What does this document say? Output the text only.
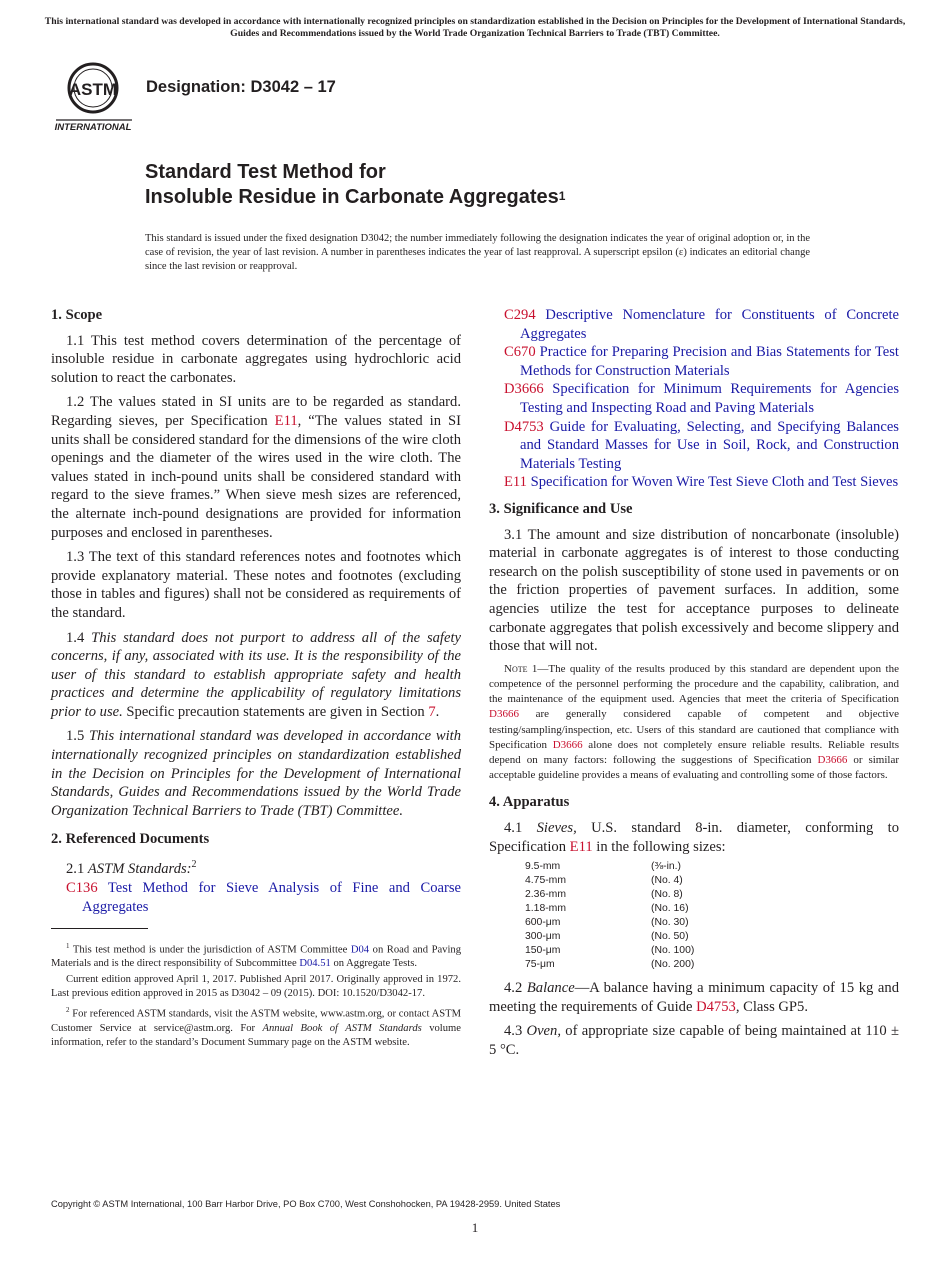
This international standard was developed in accordance with internationally recognized principles on standardization established in the Decision on Principles for the Development of International Standards, Guides and Recommendations issued by the World Trade Organization Technical Barriers to Trade (TBT) Committee.
ASTM
INTERNATIONAL
Designation: D3042 – 17
Standard Test Method for
Insoluble Residue in Carbonate Aggregates$^1$
This standard is issued under the fixed designation D3042; the number immediately following the designation indicates the year of original adoption or, in the case of revision, the year of last revision. A number in parentheses indicates the year of last reapproval. A superscript epsilon (ε) indicates an editorial change since the last revision or reapproval.
1. Scope

1.1 This test method covers determination of the percentage of insoluble residue in carbonate aggregates using hydrochloric acid solution to react the carbonates.

1.2 The values stated in SI units are to be regarded as standard. Regarding sieves, per Specification E11, “The values stated in SI units shall be considered standard for the dimensions of the wire cloth openings and the diameter of the wires used in the wire cloth. The values stated in inch-pound units shall be considered standard with regard to the sieve frames.” When sieve mesh sizes are referenced, the alternate inch-pound designations are provided for information purposes and enclosed in parentheses.

1.3 The text of this standard references notes and footnotes which provide explanatory material. These notes and footnotes (excluding those in tables and figures) shall not be considered as requirements of the standard.

1.4 This standard does not purport to address all of the safety concerns, if any, associated with its use. It is the responsibility of the user of this standard to establish appropriate safety and health practices and determine the applicability of regulatory limitations prior to use. Specific precaution statements are given in Section 7.

1.5 This international standard was developed in accordance with internationally recognized principles on standardization established in the Decision on Principles for the Development of International Standards, Guides and Recommendations issued by the World Trade Organization Technical Barriers to Trade (TBT) Committee.

2. Referenced Documents

2.1 ASTM Standards:$^2$

C136 Test Method for Sieve Analysis of Fine and Coarse Aggregates

$^1$ This test method is under the jurisdiction of ASTM Committee D04 on Road and Paving Materials and is the direct responsibility of Subcommittee D04.51 on Aggregate Tests.

Current edition approved April 1, 2017. Published April 2017. Originally approved in 1972. Last previous edition approved in 2015 as D3042 – 09 (2015). DOI: 10.1520/D3042-17.

$^2$ For referenced ASTM standards, visit the ASTM website, www.astm.org, or contact ASTM Customer Service at service@astm.org. For Annual Book of ASTM Standards volume information, refer to the standard’s Document Summary page on the ASTM website.

C294 Descriptive Nomenclature for Constituents of Concrete Aggregates

C670 Practice for Preparing Precision and Bias Statements for Test Methods for Construction Materials

D3666 Specification for Minimum Requirements for Agencies Testing and Inspecting Road and Paving Materials

D4753 Guide for Evaluating, Selecting, and Specifying Balances and Standard Masses for Use in Soil, Rock, and Construction Materials Testing

E11 Specification for Woven Wire Test Sieve Cloth and Test Sieves

3. Significance and Use

3.1 The amount and size distribution of noncarbonate (insoluble) material in carbonate aggregates is of interest to those conducting research on the polish susceptibility of stone used in pavements or on the friction properties of pavement surfaces. In addition, some agencies utilize the test for acceptance purposes to delineate carbonate aggregates that polish excessively and become slippery and those that will not.

Note 1—The quality of the results produced by this standard are dependent upon the competence of the personnel performing the procedure and the capability, calibration, and the maintenance of the equipment used. Agencies that meet the criteria of Specification D3666 are generally considered capable of competent and objective testing/sampling/inspection, etc. Users of this standard are cautioned that compliance with Specification D3666 alone does not completely ensure reliable results. Reliable results depend on many factors: following the suggestions of Specification D3666 or similar acceptable guideline provides a means of evaluating and controlling some of those factors.

4. Apparatus

4.1 Sieves, U.S. standard 8-in. diameter, conforming to Specification E11 in the following sizes:

9.5-mm	(⅜-in.)
4.75-mm	(No. 4)
2.36-mm	(No. 8)
1.18-mm	(No. 16)
600-μm	(No. 30)
300-μm	(No. 50)
150-μm	(No. 100)
75-μm	(No. 200)

4.2 Balance—A balance having a minimum capacity of 15 kg and meeting the requirements of Guide D4753, Class GP5.

4.3 Oven, of appropriate size capable of being maintained at 110 ± 5 °C.

Copyright © ASTM International, 100 Barr Harbor Drive, PO Box C700, West Conshohocken, PA 19428-2959. United States
1
